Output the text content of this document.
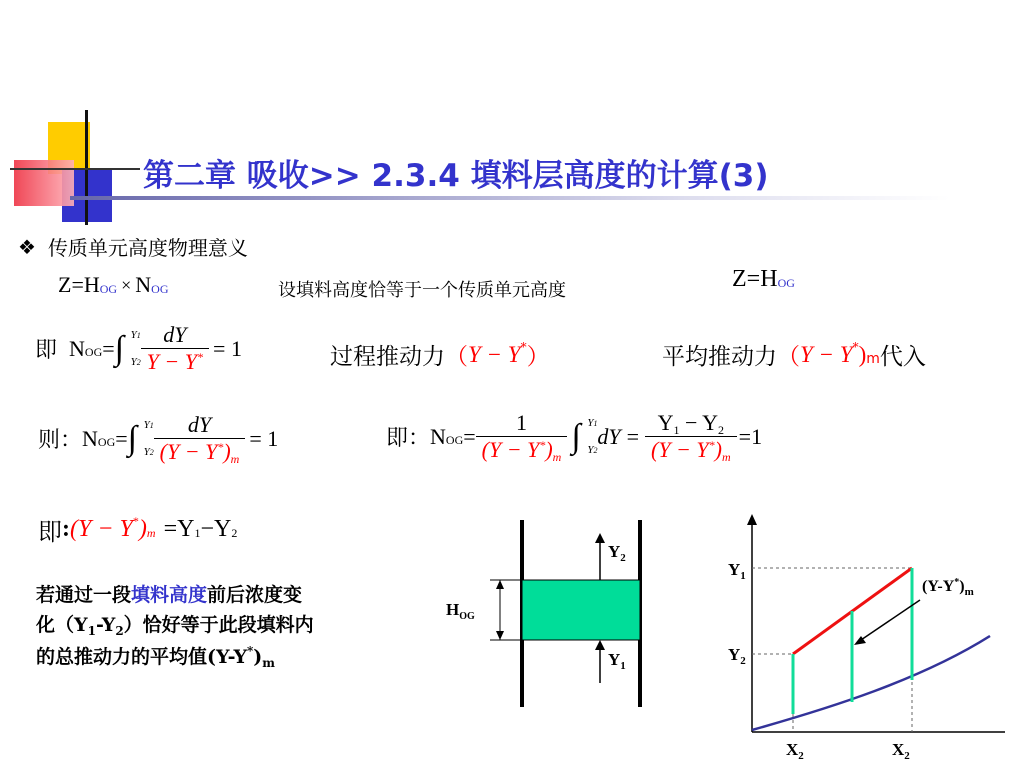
第二章 吸收>> 2.3.4 填料层高度的计算(3)
❖ 传质单元高度物理意义
Z = H OG × N OG	设填料高度恰等于一个传质单元高度	Z = H OG
即 N OG = ∫ Y1
$Y2 \frac{dY}{Y - Y^*} = 1$	过程推动力 （ Y − Y * ）	平均推动力 （ Y − Y * ) m 代入
则： N OG = ∫ Y1
$Y2 \frac{dY}{(Y - Y^*)m} = 1$	即： N OG = $\frac{1}{(Y - Y^*)m}$ ∫ Y1
Y2
dY = $\frac{Y1 - Y2}{(Y - Y^*)m} =1$
即 : (Y − Y * ) m = Y 1 − Y 2
若通过一段填料高度前后浓度变
化$(Y_1-Y_2)$恰好等于此段填料内
的总推动力的平均值$(Y-Y^*)_m$
$Y_2$
$Y_1$
$H_{OG}$
$Y_1$
$Y_2$
$X_2$	$X_2$
$(Y-Y^*)_m$
